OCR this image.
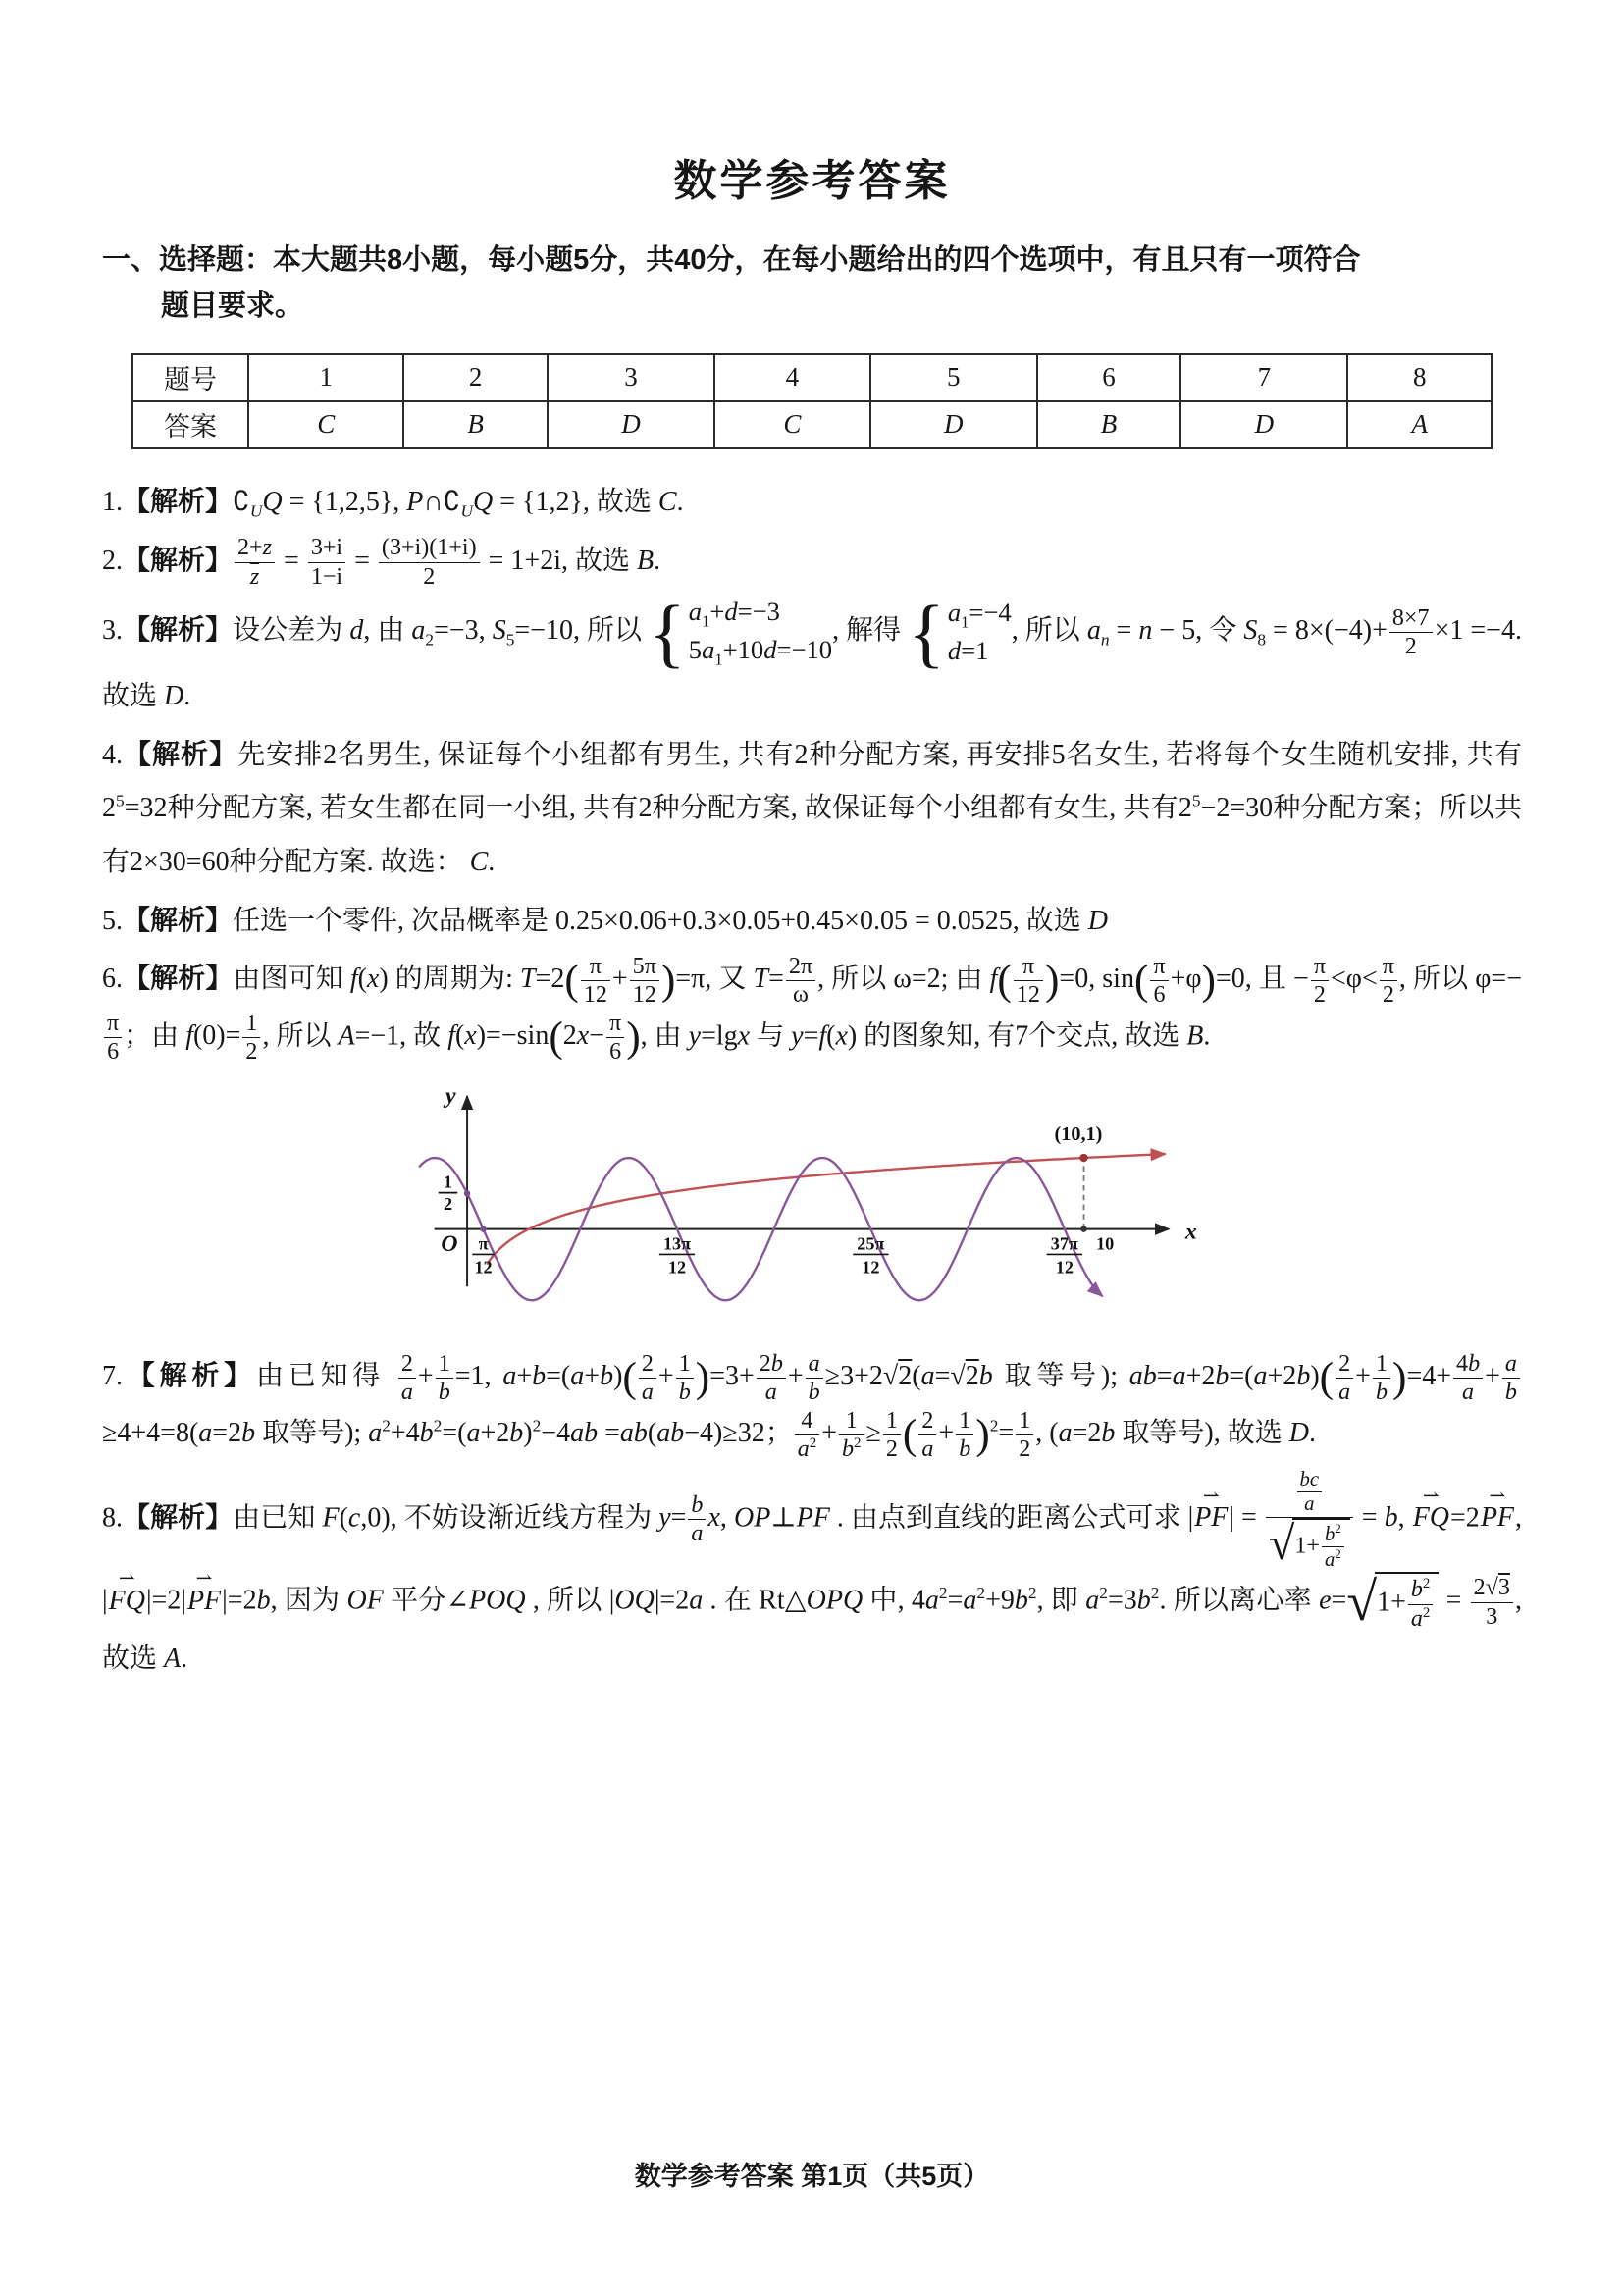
数学参考答案

一、选择题：本大题共8小题，每小题5分，共40分，在每小题给出的四个选项中，有且只有一项符合

题目要求。

题号	1	2	3	4	5	6	7	8
答案	C	B	D	C	D	B	D	A
1.【解析】$∁_UQ = \{1,2,5\}$, $P\cap∁_UQ = \{1,2\}$, 故选 C.
2.【解析】 $\frac{2+z}{z} = \frac{3+i}{1-i} = \frac{(3+i)(1+i)}{2} = 1+2i$, 故选 B.
3.【解析】设公差为 d, 由 $a_2=-3$, $S_5=-10$, 所以 { $a_1+d=-3$
$5a_1+10d=-10$
, 解得 { $a_1=-4$
d=1
, 所以 $a_n = n - 5$, 令 $S_8 = 8\times(-4)+ \frac{8\times 7}{2} \times 1 =-4$. 故选 D.
4.【解析】先安排2名男生, 保证每个小组都有男生, 共有2种分配方案, 再安排5名女生, 若将每个女生随机安排, 共有$2^5=32$种分配方案, 若女生都在同一小组, 共有2种分配方案, 故保证每个小组都有女生, 共有$2^5-2=30$种分配方案；所以共有2×30=60种分配方案. 故选： C.
5.【解析】任选一个零件, 次品概率是 0.25×0.06+0.3×0.05+0.45×0.05 = 0.0525, 故选 D
6.【解析】由图可知 f(x) 的周期为: $T=2( \frac{\pi}{12} + \frac{5\pi}{12} )=\pi$, 又 $T= \frac{2\pi}{\omega}$ , 所以 ω=2; 由 $f( \frac{\pi}{12} )=0$, $\sin( \frac{\pi}{6} +\varphi)=0$, 且 − $\frac{\pi}{2} <\varphi< \frac{\pi}{2}$ , 所以 φ=−
$\frac{\pi}{6}$ ；由 $f(0)= \frac{1}{2}$ , 所以 A=−1, 故 $f(x)=-\sin(2x- \frac{\pi}{6}$ ), 由 y=lgx 与 y=f(x) 的图象知, 有7个交点, 故选 B.
(10,1)
y
x
O
1
2
π
12
13π
12
25π
12
37π
12
10
7.【解析】由已知得 $\frac{2}{a} + \frac{1}{b} =1$, $a+b=(a+b)( \frac{2}{a} + \frac{1}{b} )=3+ \frac{2b}{a} + \frac{a}{b} \ge 3+2√2(a=√2b$ 取等号); $ab=a+2b=(a+2b)( \frac{2}{a} + \frac{1}{b} )=4+ \frac{4b}{a} + \frac{a}{b}$
≥4+4=8(a=2b 取等号); $a^2+4b^2=(a+2b)^2-4ab =ab(ab-4)\ge 32$； $\frac{4}{a^2} + \frac{1}{b^2} \ge \frac{1}{2}$ ( $\frac{2}{a} + \frac{1}{b} )^2= \frac{1}{2}$ , (a=2b 取等号), 故选 D.
8.【解析】由已知 F(c,0), 不妨设渐近线方程为 $y= \frac{b}{a} x$, OP⊥PF . 由点到直线的距离公式可求 |PF ⇀| =
$\frac{bc}{a}$
√ $1+ \frac{b^2}{a^2}$
= b, FQ ⇀=2PF ⇀, |FQ ⇀|=2|PF ⇀|=2b, 因为 OF 平分∠POQ , 所以 |OQ|=2a . 在 Rt△OPQ 中, $4a^2=a^2+9b^2$, 即 $a^2=3b^2$. 所以离心率 e= √ $1+ \frac{b^2}{a^2} = \frac{2√3}{3}$ , 故选 A.
数学参考答案 第1页（共5页）
